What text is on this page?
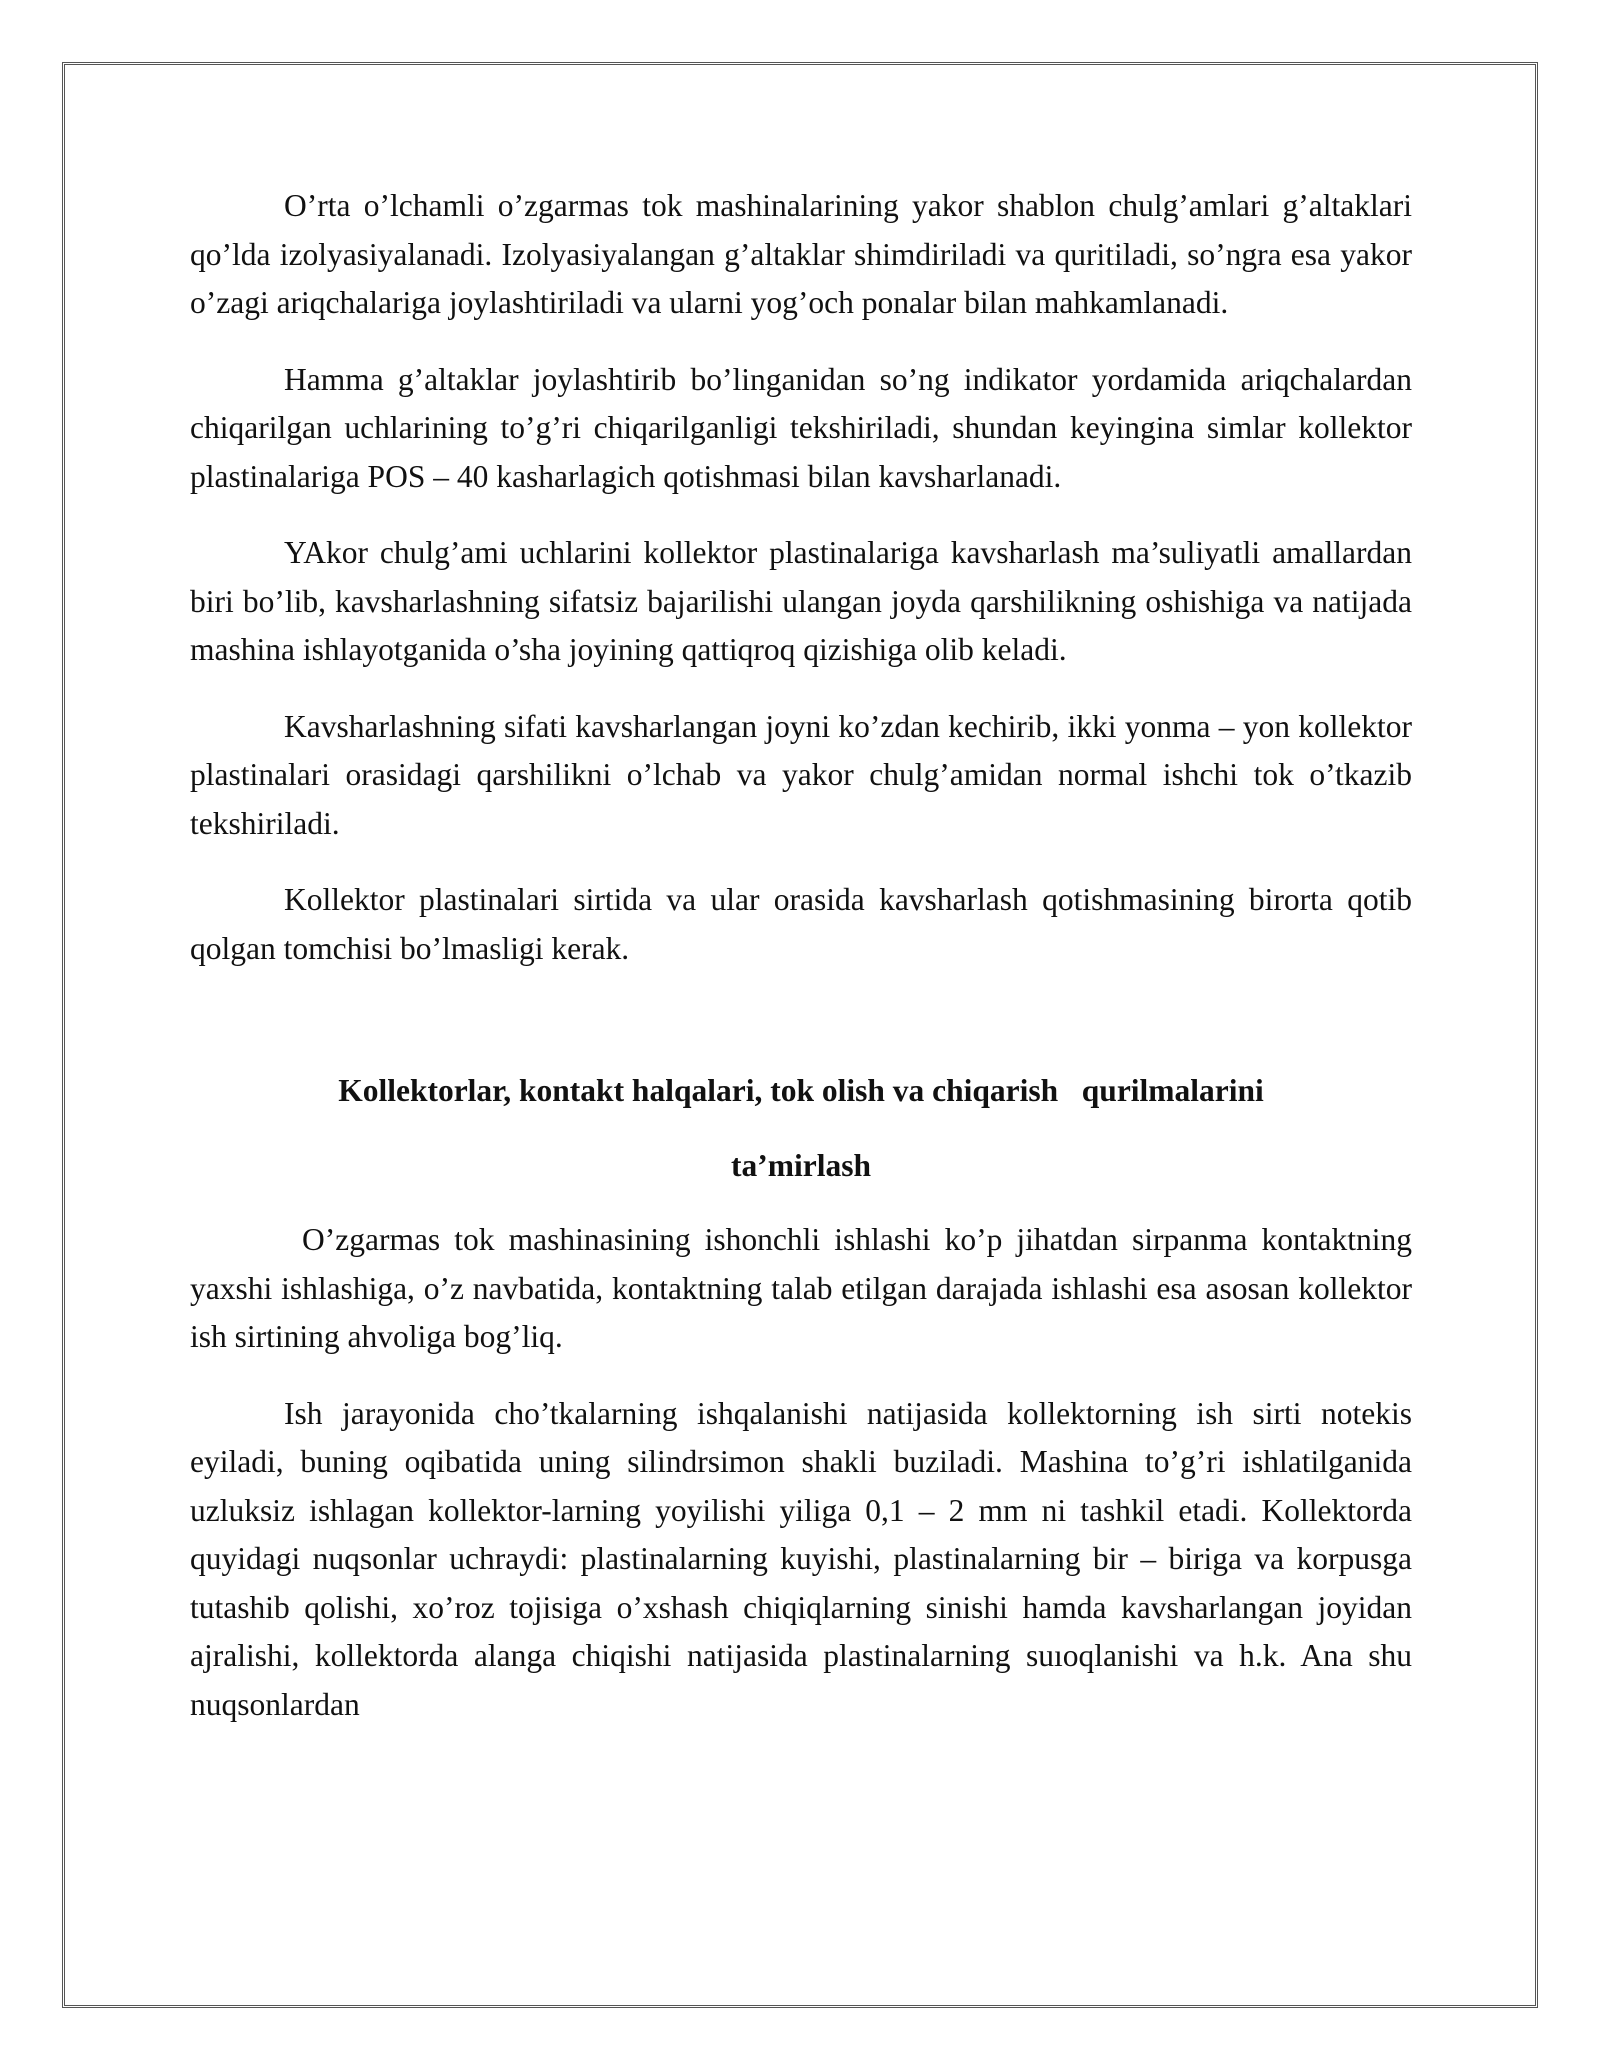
O’rta o’lchamli o’zgarmas tok mashinalarining yakor shablon chulg’amlari g’altaklari qo’lda izolyasiyalanadi. Izolyasiyalangan g’altaklar shimdiriladi va quritiladi, so’ngra esa yakor o’zagi ariqchalariga joylashtiriladi va ularni yog’och ponalar bilan mahkamlanadi.

Hamma g’altaklar joylashtirib bo’linganidan so’ng indikator yordamida ariqchalardan chiqarilgan uchlarining to’g’ri chiqarilganligi tekshiriladi, shundan keyingina simlar kollektor plastinalariga POS – 40 kasharlagich qotishmasi bilan kavsharlanadi.

YAkor chulg’ami uchlarini kollektor plastinalariga kavsharlash ma’suliyatli amallardan biri bo’lib, kavsharlashning sifatsiz bajarilishi ulangan joyda qarshilikning oshishiga va natijada mashina ishlayotganida o’sha joyining qattiqroq qizishiga olib keladi.

Kavsharlashning sifati kavsharlangan joyni ko’zdan kechirib, ikki yonma – yon kollektor plastinalari orasidagi qarshilikni o’lchab va yakor chulg’amidan normal ishchi tok o’tkazib tekshiriladi.

Kollektor plastinalari sirtida va ular orasida kavsharlash qotishmasining birorta qotib qolgan tomchisi bo’lmasligi kerak.

Kollektorlar, kontakt halqalari, tok olish va chiqarish   qurilmalarini
ta’mirlash

O’zgarmas tok mashinasining ishonchli ishlashi ko’p jihatdan sirpanma kontaktning yaxshi ishlashiga, o’z navbatida, kontaktning talab etilgan darajada ishlashi esa asosan kollektor ish sirtining ahvoliga bog’liq.

Ish jarayonida cho’tkalarning ishqalanishi natijasida kollektorning ish sirti notekis eyiladi, buning oqibatida uning silindrsimon shakli buziladi. Mashina to’g’ri ishlatilganida uzluksiz ishlagan kollektor-larning yoyilishi yiliga 0,1 – 2 mm ni tashkil etadi. Kollektorda quyidagi nuqsonlar uchraydi: plastinalarning kuyishi, plastinalarning bir – biriga va korpusga tutashib qolishi, xo’roz tojisiga o’xshash chiqiqlarning sinishi hamda kavsharlangan joyidan ajralishi, kollektorda alanga chiqishi natijasida plastinalarning suıoqlanishi va h.k. Ana shu nuqsonlardan
